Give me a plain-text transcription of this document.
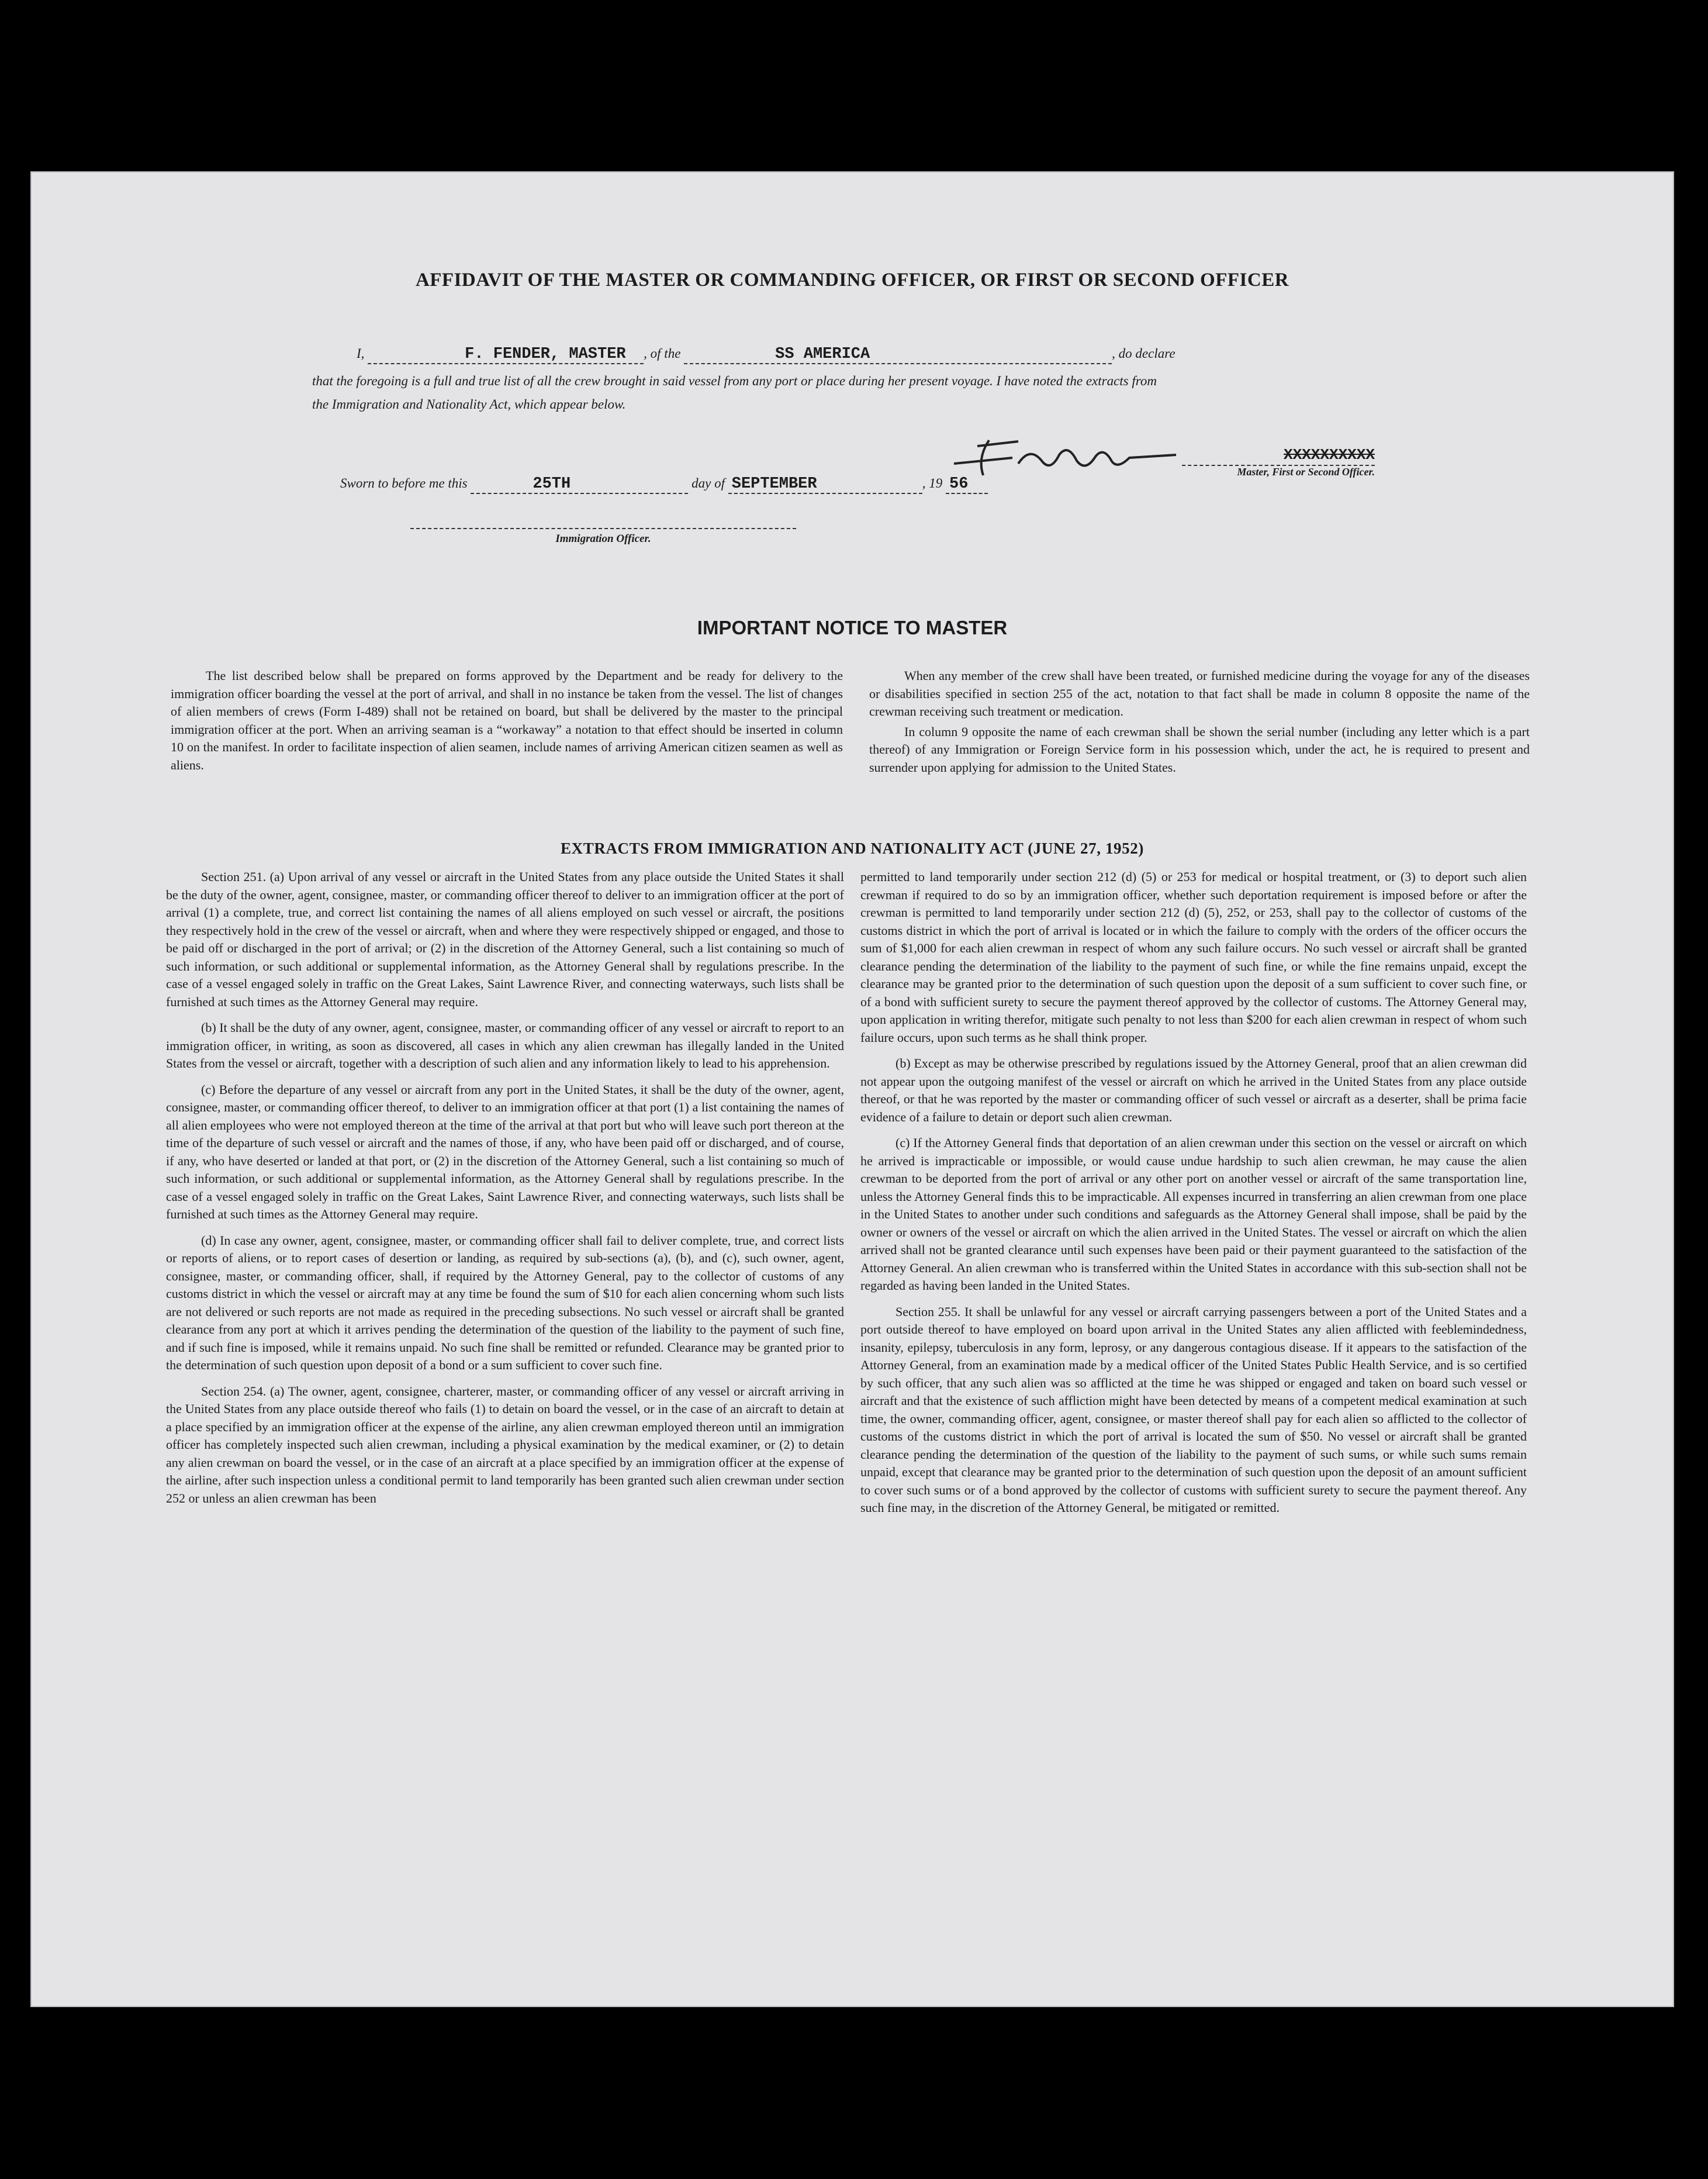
AFFIDAVIT OF THE MASTER OR COMMANDING OFFICER, OR FIRST OR SECOND OFFICER
I,	F. FENDER, MASTER , of the	SS AMERICA	, do declare
that the foregoing is a full and true list of all the crew brought in said vessel from any port or place during her present voyage. I have noted the extracts from
the Immigration and Nationality Act, which appear below.
XXXXXXXXXX
Master, First or Second Officer.
Sworn to before me this	25TH	day of SEPTEMBER	, 19 56
Immigration Officer.
IMPORTANT NOTICE TO MASTER

The list described below shall be prepared on forms approved by the Department and be ready for delivery to the immigration officer boarding the vessel at the port of arrival, and shall in no instance be taken from the vessel. The list of changes of alien members of crews (Form I-489) shall not be retained on board, but shall be delivered by the master to the principal immigration officer at the port. When an arriving seaman is a “workaway” a notation to that effect should be inserted in column 10 on the manifest. In order to facilitate inspection of alien seamen, include names of arriving American citizen seamen as well as aliens.

When any member of the crew shall have been treated, or furnished medicine during the voyage for any of the diseases or disabilities specified in section 255 of the act, notation to that fact shall be made in column 8 opposite the name of the crewman receiving such treatment or medication.

In column 9 opposite the name of each crewman shall be shown the serial number (including any letter which is a part thereof) of any Immigration or Foreign Service form in his possession which, under the act, he is required to present and surrender upon applying for admission to the United States.

EXTRACTS FROM IMMIGRATION AND NATIONALITY ACT (JUNE 27, 1952)

Section 251. (a) Upon arrival of any vessel or aircraft in the United States from any place outside the United States it shall be the duty of the owner, agent, consignee, master, or commanding officer thereof to deliver to an immigration officer at the port of arrival (1) a complete, true, and correct list containing the names of all aliens employed on such vessel or aircraft, the positions they respectively hold in the crew of the vessel or aircraft, when and where they were respectively shipped or engaged, and those to be paid off or discharged in the port of arrival; or (2) in the discretion of the Attorney General, such a list containing so much of such information, or such additional or supplemental information, as the Attorney General shall by regulations prescribe. In the case of a vessel engaged solely in traffic on the Great Lakes, Saint Lawrence River, and connecting waterways, such lists shall be furnished at such times as the Attorney General may require.

(b) It shall be the duty of any owner, agent, consignee, master, or commanding officer of any vessel or aircraft to report to an immigration officer, in writing, as soon as discovered, all cases in which any alien crewman has illegally landed in the United States from the vessel or aircraft, together with a description of such alien and any information likely to lead to his apprehension.

(c) Before the departure of any vessel or aircraft from any port in the United States, it shall be the duty of the owner, agent, consignee, master, or commanding officer thereof, to deliver to an immigration officer at that port (1) a list containing the names of all alien employees who were not employed thereon at the time of the arrival at that port but who will leave such port thereon at the time of the departure of such vessel or aircraft and the names of those, if any, who have been paid off or discharged, and of course, if any, who have deserted or landed at that port, or (2) in the discretion of the Attorney General, such a list containing so much of such information, or such additional or supplemental information, as the Attorney General shall by regulations prescribe. In the case of a vessel engaged solely in traffic on the Great Lakes, Saint Lawrence River, and connecting waterways, such lists shall be furnished at such times as the Attorney General may require.

(d) In case any owner, agent, consignee, master, or commanding officer shall fail to deliver complete, true, and correct lists or reports of aliens, or to report cases of desertion or landing, as required by sub-sections (a), (b), and (c), such owner, agent, consignee, master, or commanding officer, shall, if required by the Attorney General, pay to the collector of customs of any customs district in which the vessel or aircraft may at any time be found the sum of $10 for each alien concerning whom such lists are not delivered or such reports are not made as required in the preceding subsections. No such vessel or aircraft shall be granted clearance from any port at which it arrives pending the determination of the question of the liability to the payment of such fine, and if such fine is imposed, while it remains unpaid. No such fine shall be remitted or refunded. Clearance may be granted prior to the determination of such question upon deposit of a bond or a sum sufficient to cover such fine.

Section 254. (a) The owner, agent, consignee, charterer, master, or commanding officer of any vessel or aircraft arriving in the United States from any place outside thereof who fails (1) to detain on board the vessel, or in the case of an aircraft to detain at a place specified by an immigration officer at the expense of the airline, any alien crewman employed thereon until an immigration officer has completely inspected such alien crewman, including a physical examination by the medical examiner, or (2) to detain any alien crewman on board the vessel, or in the case of an aircraft at a place specified by an immigration officer at the expense of the airline, after such inspection unless a conditional permit to land temporarily has been granted such alien crewman under section 252 or unless an alien crewman has been

permitted to land temporarily under section 212 (d) (5) or 253 for medical or hospital treatment, or (3) to deport such alien crewman if required to do so by an immigration officer, whether such deportation requirement is imposed before or after the crewman is permitted to land temporarily under section 212 (d) (5), 252, or 253, shall pay to the collector of customs of the customs district in which the port of arrival is located or in which the failure to comply with the orders of the officer occurs the sum of $1,000 for each alien crewman in respect of whom any such failure occurs. No such vessel or aircraft shall be granted clearance pending the determination of the liability to the payment of such fine, or while the fine remains unpaid, except the clearance may be granted prior to the determination of such question upon the deposit of a sum sufficient to cover such fine, or of a bond with sufficient surety to secure the payment thereof approved by the collector of customs. The Attorney General may, upon application in writing therefor, mitigate such penalty to not less than $200 for each alien crewman in respect of whom such failure occurs, upon such terms as he shall think proper.

(b) Except as may be otherwise prescribed by regulations issued by the Attorney General, proof that an alien crewman did not appear upon the outgoing manifest of the vessel or aircraft on which he arrived in the United States from any place outside thereof, or that he was reported by the master or commanding officer of such vessel or aircraft as a deserter, shall be prima facie evidence of a failure to detain or deport such alien crewman.

(c) If the Attorney General finds that deportation of an alien crewman under this section on the vessel or aircraft on which he arrived is impracticable or impossible, or would cause undue hardship to such alien crewman, he may cause the alien crewman to be deported from the port of arrival or any other port on another vessel or aircraft of the same transportation line, unless the Attorney General finds this to be impracticable. All expenses incurred in transferring an alien crewman from one place in the United States to another under such conditions and safeguards as the Attorney General shall impose, shall be paid by the owner or owners of the vessel or aircraft on which the alien arrived in the United States. The vessel or aircraft on which the alien arrived shall not be granted clearance until such expenses have been paid or their payment guaranteed to the satisfaction of the Attorney General. An alien crewman who is transferred within the United States in accordance with this sub-section shall not be regarded as having been landed in the United States.

Section 255. It shall be unlawful for any vessel or aircraft carrying passengers between a port of the United States and a port outside thereof to have employed on board upon arrival in the United States any alien afflicted with feeblemindedness, insanity, epilepsy, tuberculosis in any form, leprosy, or any dangerous contagious disease. If it appears to the satisfaction of the Attorney General, from an examination made by a medical officer of the United States Public Health Service, and is so certified by such officer, that any such alien was so afflicted at the time he was shipped or engaged and taken on board such vessel or aircraft and that the existence of such affliction might have been detected by means of a competent medical examination at such time, the owner, commanding officer, agent, consignee, or master thereof shall pay for each alien so afflicted to the collector of customs of the customs district in which the port of arrival is located the sum of $50. No vessel or aircraft shall be granted clearance pending the determination of the question of the liability to the payment of such sums, or while such sums remain unpaid, except that clearance may be granted prior to the determination of such question upon the deposit of an amount sufficient to cover such sums or of a bond approved by the collector of customs with sufficient surety to secure the payment thereof. Any such fine may, in the discretion of the Attorney General, be mitigated or remitted.
